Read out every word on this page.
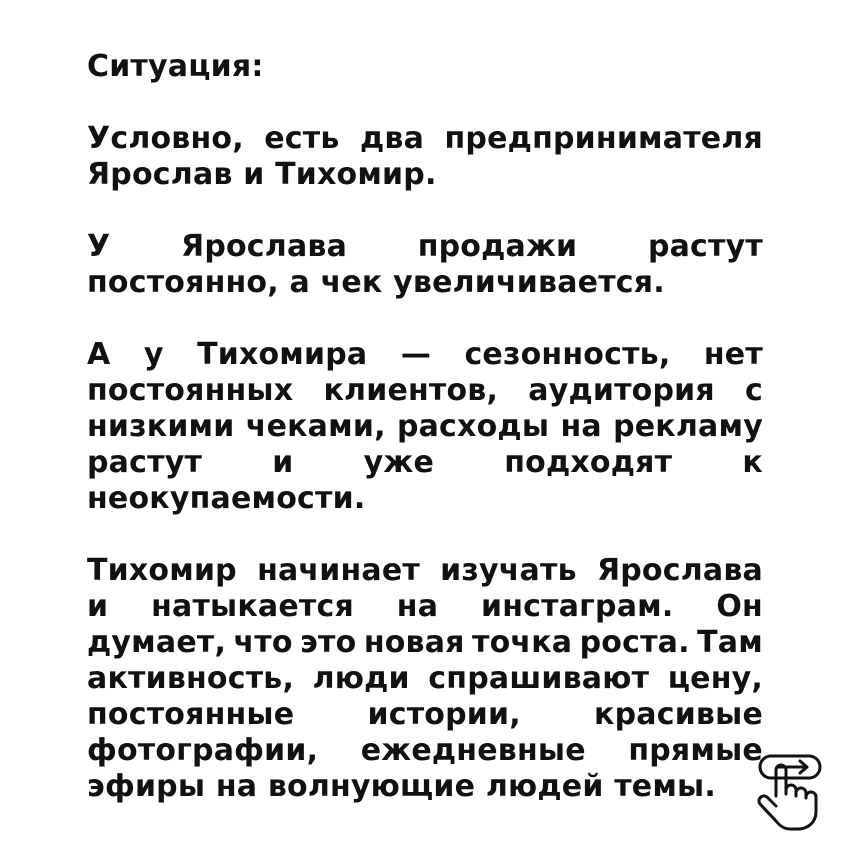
Ситуация:
Условно, есть два предпринимателя
Ярослав и Тихомир.
У Ярослава продажи растут
постоянно, а чек увеличивается.
А у Тихомира — сезонность, нет
постоянных клиентов, аудитория с
низкими чеками, расходы на рекламу
растут и уже подходят к
неокупаемости.
Тихомир начинает изучать Ярослава
и натыкается на инстаграм. Он
думает, что это новая точка роста. Там
активность, люди спрашивают цену,
постоянные истории, красивые
фотографии, ежедневные прямые
эфиры на волнующие людей темы.
